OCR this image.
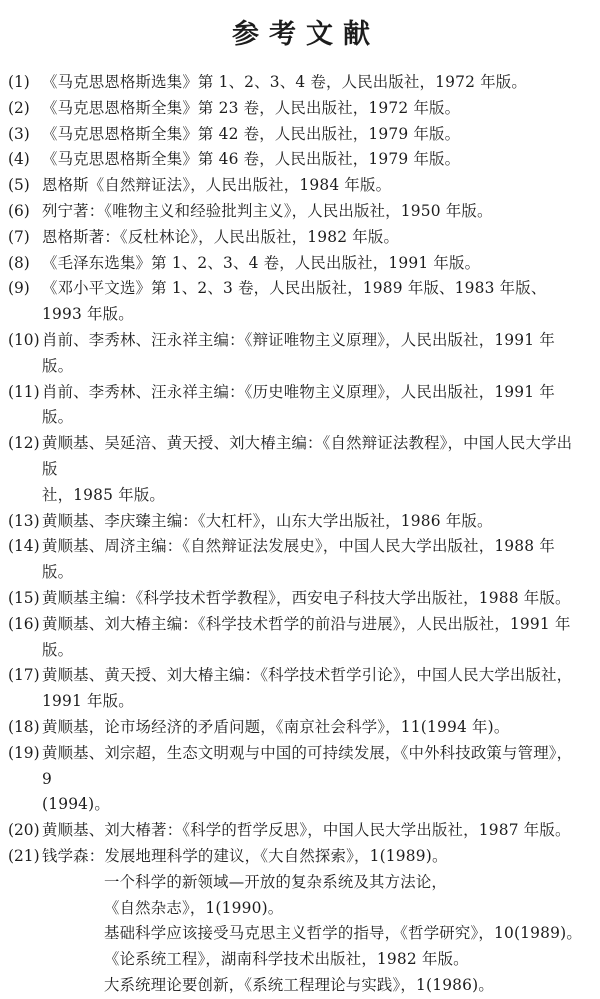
参考文献
(1) 《马克思恩格斯选集》第 1、2、3、4 卷，人民出版社，1972 年版。
(2) 《马克思恩格斯全集》第 23 卷，人民出版社，1972 年版。
(3) 《马克思恩格斯全集》第 42 卷，人民出版社，1979 年版。
(4) 《马克思恩格斯全集》第 46 卷，人民出版社，1979 年版。
(5) 恩格斯《自然辩证法》，人民出版社，1984 年版。
(6) 列宁著：《唯物主义和经验批判主义》，人民出版社，1950 年版。
(7) 恩格斯著：《反杜林论》，人民出版社，1982 年版。
(8) 《毛泽东选集》第 1、2、3、4 卷，人民出版社，1991 年版。
(9) 《邓小平文选》第 1、2、3 卷，人民出版社，1989 年版、1983 年版、1993 年版。
(10) 肖前、李秀林、汪永祥主编：《辩证唯物主义原理》，人民出版社，1991 年版。
(11) 肖前、李秀林、汪永祥主编：《历史唯物主义原理》，人民出版社，1991 年版。
(12) 黄顺基、吴延涪、黄天授、刘大椿主编：《自然辩证法教程》，中国人民大学出版
社，1985 年版。
(13) 黄顺基、李庆臻主编：《大杠杆》，山东大学出版社，1986 年版。
(14) 黄顺基、周济主编：《自然辩证法发展史》，中国人民大学出版社，1988 年版。
(15) 黄顺基主编：《科学技术哲学教程》，西安电子科技大学出版社，1988 年版。
(16) 黄顺基、刘大椿主编：《科学技术哲学的前沿与进展》，人民出版社，1991 年
版。
(17) 黄顺基、黄天授、刘大椿主编：《科学技术哲学引论》，中国人民大学出版社，
1991 年版。
(18) 黄顺基，论市场经济的矛盾问题，《南京社会科学》，11(1994 年)。
(19) 黄顺基、刘宗超，生态文明观与中国的可持续发展，《中外科技政策与管理》，9
(1994)。
(20) 黄顺基、刘大椿著：《科学的哲学反思》，中国人民大学出版社，1987 年版。
(21) 钱学森：发展地理科学的建议，《大自然探索》，1(1989)。
一个科学的新领域—开放的复杂系统及其方法论，
《自然杂志》，1(1990)。
基础科学应该接受马克思主义哲学的指导，《哲学研究》，10(1989)。
《论系统工程》，湖南科学技术出版社，1982 年版。
大系统理论要创新，《系统工程理论与实践》，1(1986)。
